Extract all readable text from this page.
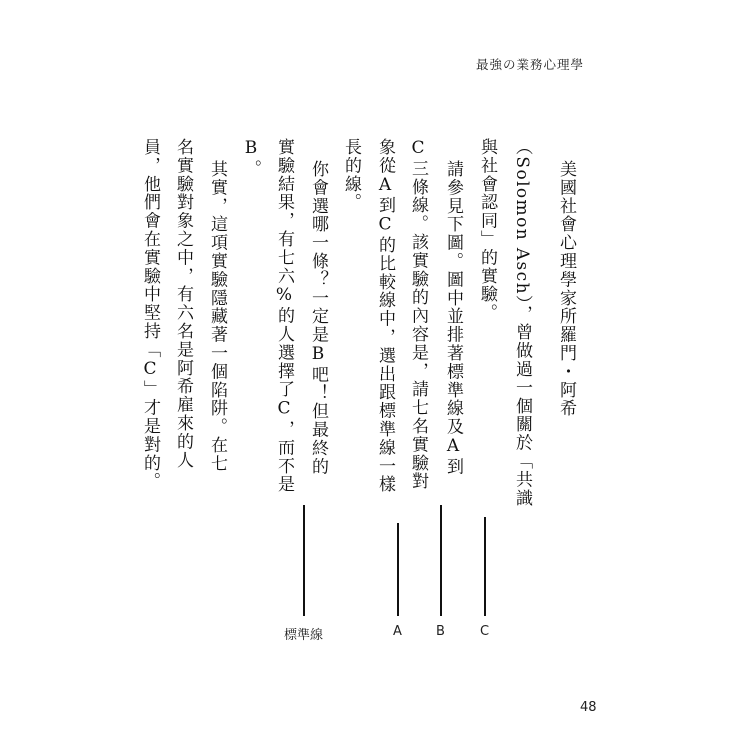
最強の業務心理學
美國社會心理學家所羅門・阿希
（Solomon Asch），曾做過一個關於「共識
與社會認同」的實驗。
請參見下圖。圖中並排著標準線及A到
C三條線。該實驗的內容是，請七名實驗對
象從A到C的比較線中，選出跟標準線一樣
長的線。
你會選哪一條？一定是B吧！但最終的
實驗結果，有七六%的人選擇了C，而不是
B。
其實，這項實驗隱藏著一個陷阱。在七
名實驗對象之中，有六名是阿希雇來的人
員，他們會在實驗中堅持「C」才是對的。
標準線	A	B	C
48
